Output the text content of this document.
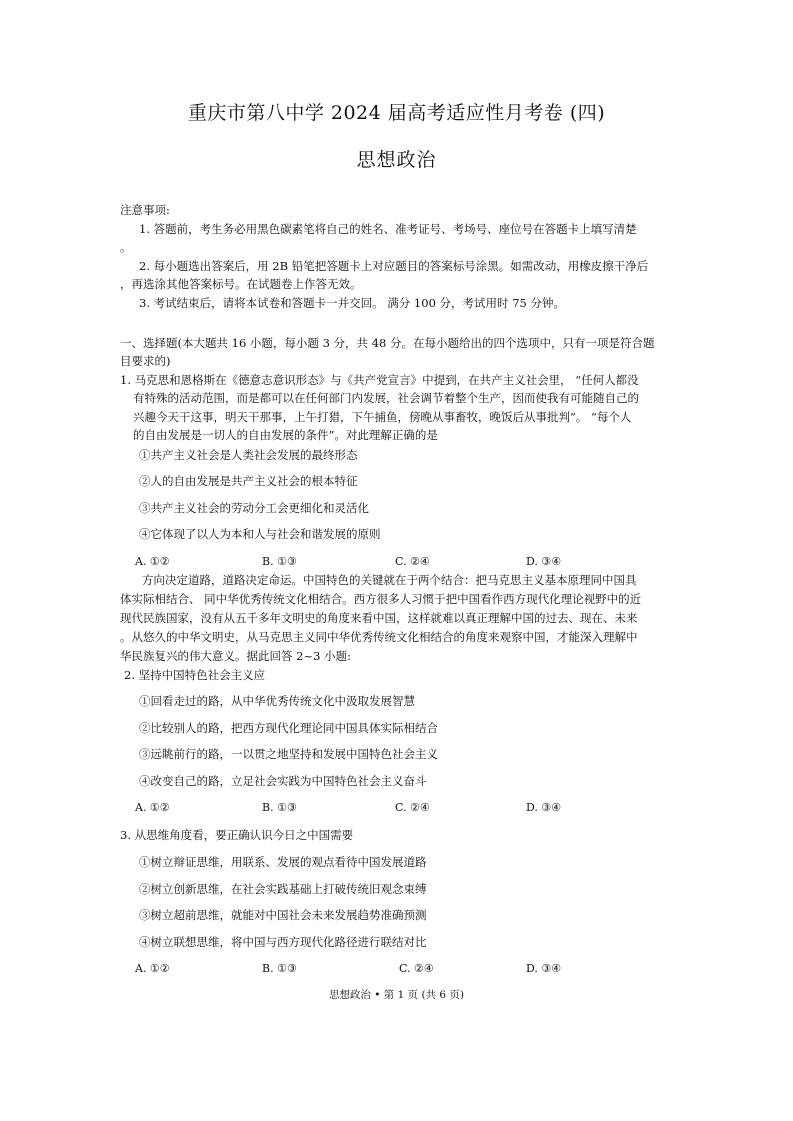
重庆市第八中学 2024 届高考适应性月考卷 (四)
思想政治
注意事项:
1. 答题前，考生务必用黑色碳素笔将自己的姓名、准考证号、考场号、座位号在答题卡上填写清楚
。
2. 每小题选出答案后，用 2B 铅笔把答题卡上对应题目的答案标号涂黑。如需改动，用橡皮擦干净后
，再选涂其他答案标号。在试题卷上作答无效。
3. 考试结束后，请将本试卷和答题卡一并交回。 满分 100 分，考试用时 75 分钟。
一、选择题(本大题共 16 小题，每小题 3 分，共 48 分。在每小题给出的四个选项中，只有一项是符合题
目要求的)
1. 马克思和恩格斯在《德意志意识形态》与《共产党宣言》中提到，在共产主义社会里， “任何人都没
有特殊的活动范围，而是都可以在任何部门内发展，社会调节着整个生产，因而使我有可能随自己的
兴趣今天干这事，明天干那事，上午打猎，下午捕鱼，傍晚从事畜牧，晚饭后从事批判”。 “每个人
的自由发展是一切人的自由发展的条件”。对此理解正确的是
①共产主义社会是人类社会发展的最终形态
②人的自由发展是共产主义社会的根本特征
③共产主义社会的劳动分工会更细化和灵活化
④它体现了以人为本和人与社会和谐发展的原则
A. ①②	B. ①③	C. ②④	D. ③④
方向决定道路，道路决定命运。中国特色的关键就在于两个结合：把马克思主义基本原理同中国具
体实际相结合、 同中华优秀传统文化相结合。西方很多人习惯于把中国看作西方现代化理论视野中的近
现代民族国家，没有从五千多年文明史的角度来看中国，这样就难以真正理解中国的过去、现在、未来
。从悠久的中华文明史，从马克思主义同中华优秀传统文化相结合的角度来观察中国，才能深入理解中
华民族复兴的伟大意义。据此回答 2~3 小题:
2. 坚持中国特色社会主义应
①回看走过的路，从中华优秀传统文化中汲取发展智慧
②比较别人的路，把西方现代化理论同中国具体实际相结合
③远眺前行的路，一以贯之地坚持和发展中国特色社会主义
④改变自己的路，立足社会实践为中国特色社会主义奋斗
A. ①②	B. ①③	C. ②④	D. ③④
3. 从思维角度看，要正确认识今日之中国需要
①树立辩证思维，用联系、发展的观点看待中国发展道路
②树立创新思维，在社会实践基础上打破传统旧观念束缚
③树立超前思维，就能对中国社会未来发展趋势准确预测
④树立联想思维，将中国与西方现代化路径进行联结对比
A. ①②	B. ①③	C. ②④	D. ③④
思想政治 • 第 1 页 (共 6 页)
